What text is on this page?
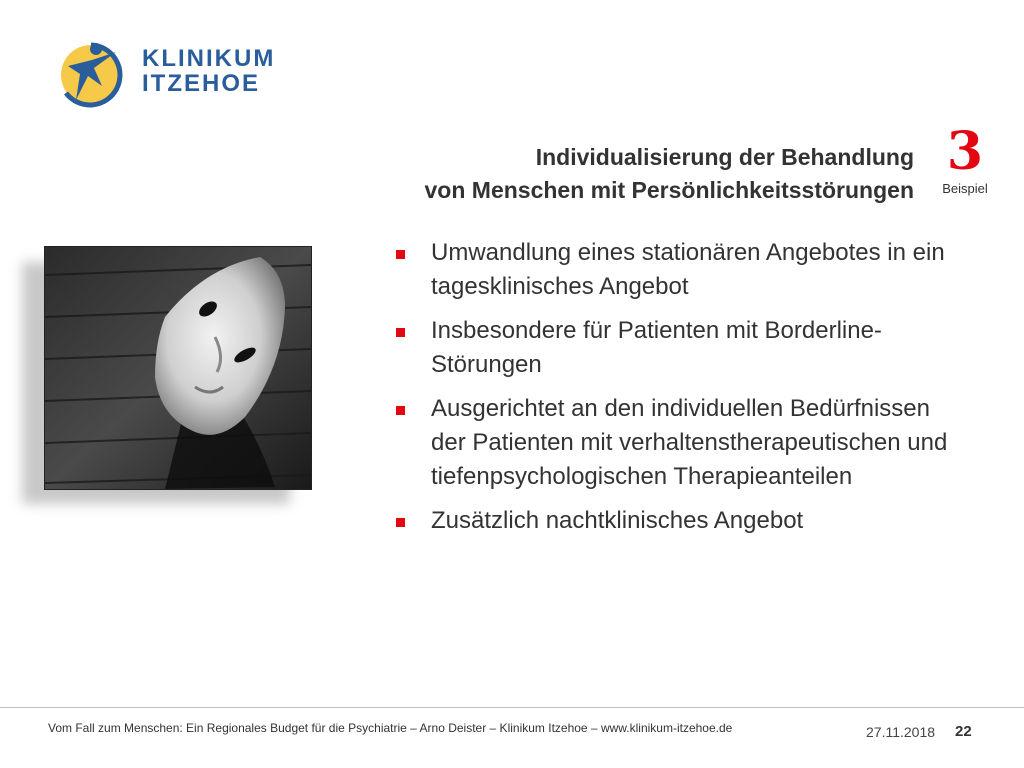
KLINIKUM
ITZEHOE
3
Beispiel
Individualisierung der Behandlung
von Menschen mit Persönlichkeitsstörungen
Umwandlung eines stationären Angebotes in ein tagesklinisches Angebot
Insbesondere für Patienten mit Borderline-Störungen
Ausgerichtet an den individuellen Bedürfnissen der Patienten mit verhaltenstherapeutischen und tiefenpsychologischen Therapieanteilen
Zusätzlich nachtklinisches Angebot
Vom Fall zum Menschen: Ein Regionales Budget für die Psychiatrie – Arno Deister – Klinikum Itzehoe – www.klinikum-itzehoe.de	27.11.2018 22
